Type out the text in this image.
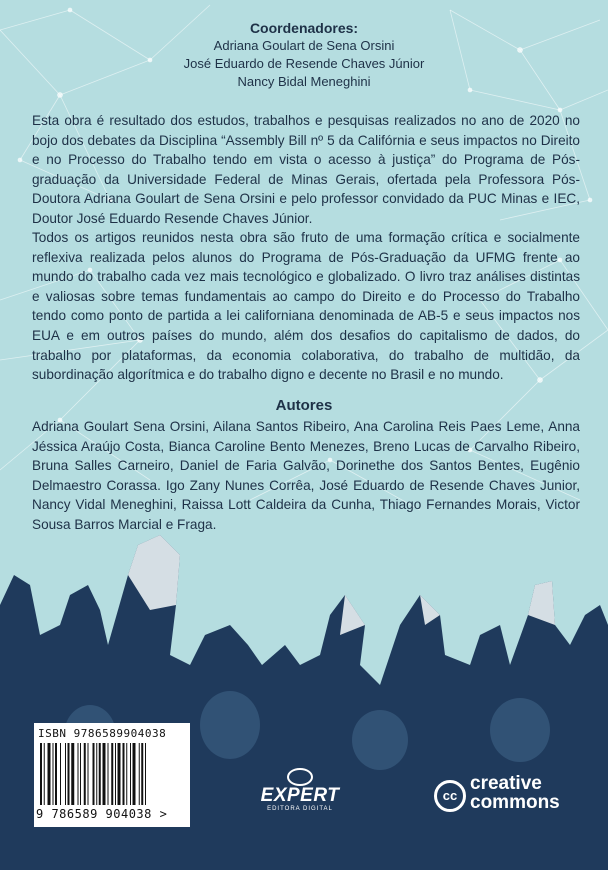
Coordenadores:
Adriana Goulart de Sena Orsini
José Eduardo de Resende Chaves Júnior
Nancy Bidal Meneghini
Esta obra é resultado dos estudos, trabalhos e pesquisas realizados no ano de 2020 no bojo dos debates da Disciplina “Assembly Bill nº 5 da Califórnia e seus impactos no Direito e no Processo do Trabalho tendo em vista o acesso à justiça” do Programa de Pós-graduação da Universidade Federal de Minas Gerais, ofertada pela Professora Pós-Doutora Adriana Goulart de Sena Orsini e pelo professor convidado da PUC Minas e IEC, Doutor José Eduardo Resende Chaves Júnior.
Todos os artigos reunidos nesta obra são fruto de uma formação crítica e socialmente reflexiva realizada pelos alunos do Programa de Pós-Graduação da UFMG frente ao mundo do trabalho cada vez mais tecnológico e globalizado. O livro traz análises distintas e valiosas sobre temas fundamentais ao campo do Direito e do Processo do Trabalho tendo como ponto de partida a lei californiana denominada de AB-5 e seus impactos nos EUA e em outros países do mundo, além dos desafios do capitalismo de dados, do trabalho por plataformas, da economia colaborativa, do trabalho de multidão, da subordinação algorítmica e do trabalho digno e decente no Brasil e no mundo.
Autores
Adriana Goulart Sena Orsini, Ailana Santos Ribeiro, Ana Carolina Reis Paes Leme, Anna Jéssica Araújo Costa, Bianca Caroline Bento Menezes, Breno Lucas de Carvalho Ribeiro, Bruna Salles Carneiro, Daniel de Faria Galvão, Dorinethe dos Santos Bentes, Eugênio Delmaestro Corassa. Igo Zany Nunes Corrêa, José Eduardo de Resende Chaves Junior, Nancy Vidal Meneghini, Raissa Lott Caldeira da Cunha, Thiago Fernandes Morais, Victor Sousa Barros Marcial e Fraga.
ISBN 9786589904038
9 786589 904038 >
EXPERT
EDITORA DIGITAL
cc
creative
commons
